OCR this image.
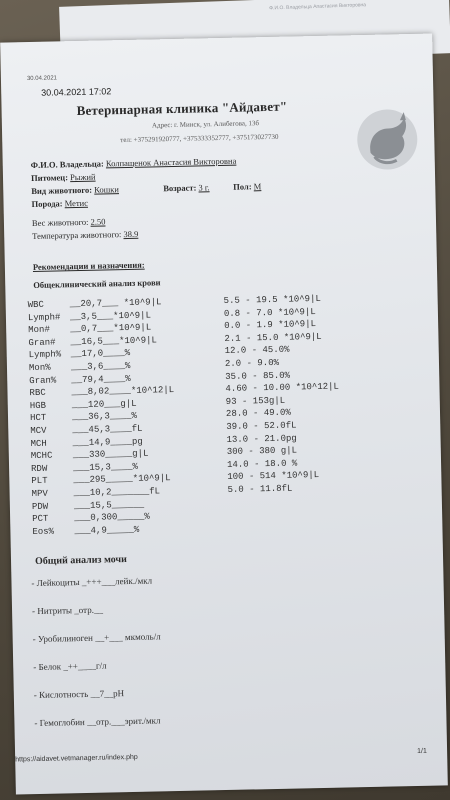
Ф.И.О. Владельца Апастасия Викторовна
30.04.2021
30.04.2021 17:02
Ветеринарная клиника "Айдавет"
Адрес: г. Минск, ул. Алибегова, 13б
тел: +375291920777, +375333352777, +375173027730
Ф.И.О. Владельца: Колпащенок Анастасия Викторовна
Питомец: Рыжий
Вид животного: Кошки	Возраст: 3 г.	Пол: М
Порода: Метис
Вес животного: 2.50
Температура животного: 38.9
Рекомендации и назначения:
Общеклинический анализ крови
WBC	__20,7___ *10^9|L	5.5 - 19.5 *10^9|L
Lymph# __3,5___*10^9|L	0.8 - 7.0 *10^9|L
Mon# __0,7___*10^9|L	0.0 - 1.9 *10^9|L
Gran# __16,5___*10^9|L	2.1 - 15.0 *10^9|L
Lymph% __17,0____%	12.0 - 45.0%
Mon% ___3,6____%	2.0 - 9.0%
Gran% __79,4____%	35.0 - 85.0%
RBC	___8,02____*10^12|L	4.60 - 10.00 *10^12|L
HGB	___120___g|L	93 - 153g|L
HCT	___36,3____%	28.0 - 49.0%
MCV	___45,3____fL	39.0 - 52.0fL
MCH	___14,9____pg	13.0 - 21.0pg
MCHC ___330_____g|L	300 - 380 g|L
RDW	___15,3____%	14.0 - 18.0 %
PLT	___295_____*10^9|L	100 - 514 *10^9|L
MPV	___10,2_______fL	5.0 - 11.8fL
PDW	___15,5______
PCT	___0,300_____%
Eos% ___4,9_____%
Общий анализ мочи
- Лейкоциты _+++___лейк./мкл
- Нитриты _отр.__
- Уробилиноген __+___ мкмоль/л
- Белок _++____г/л
- Кислотность __7__pH
- Гемоглобин __отр.___эрит./мкл
https://aidavet.vetmanager.ru/index.php
1/1
